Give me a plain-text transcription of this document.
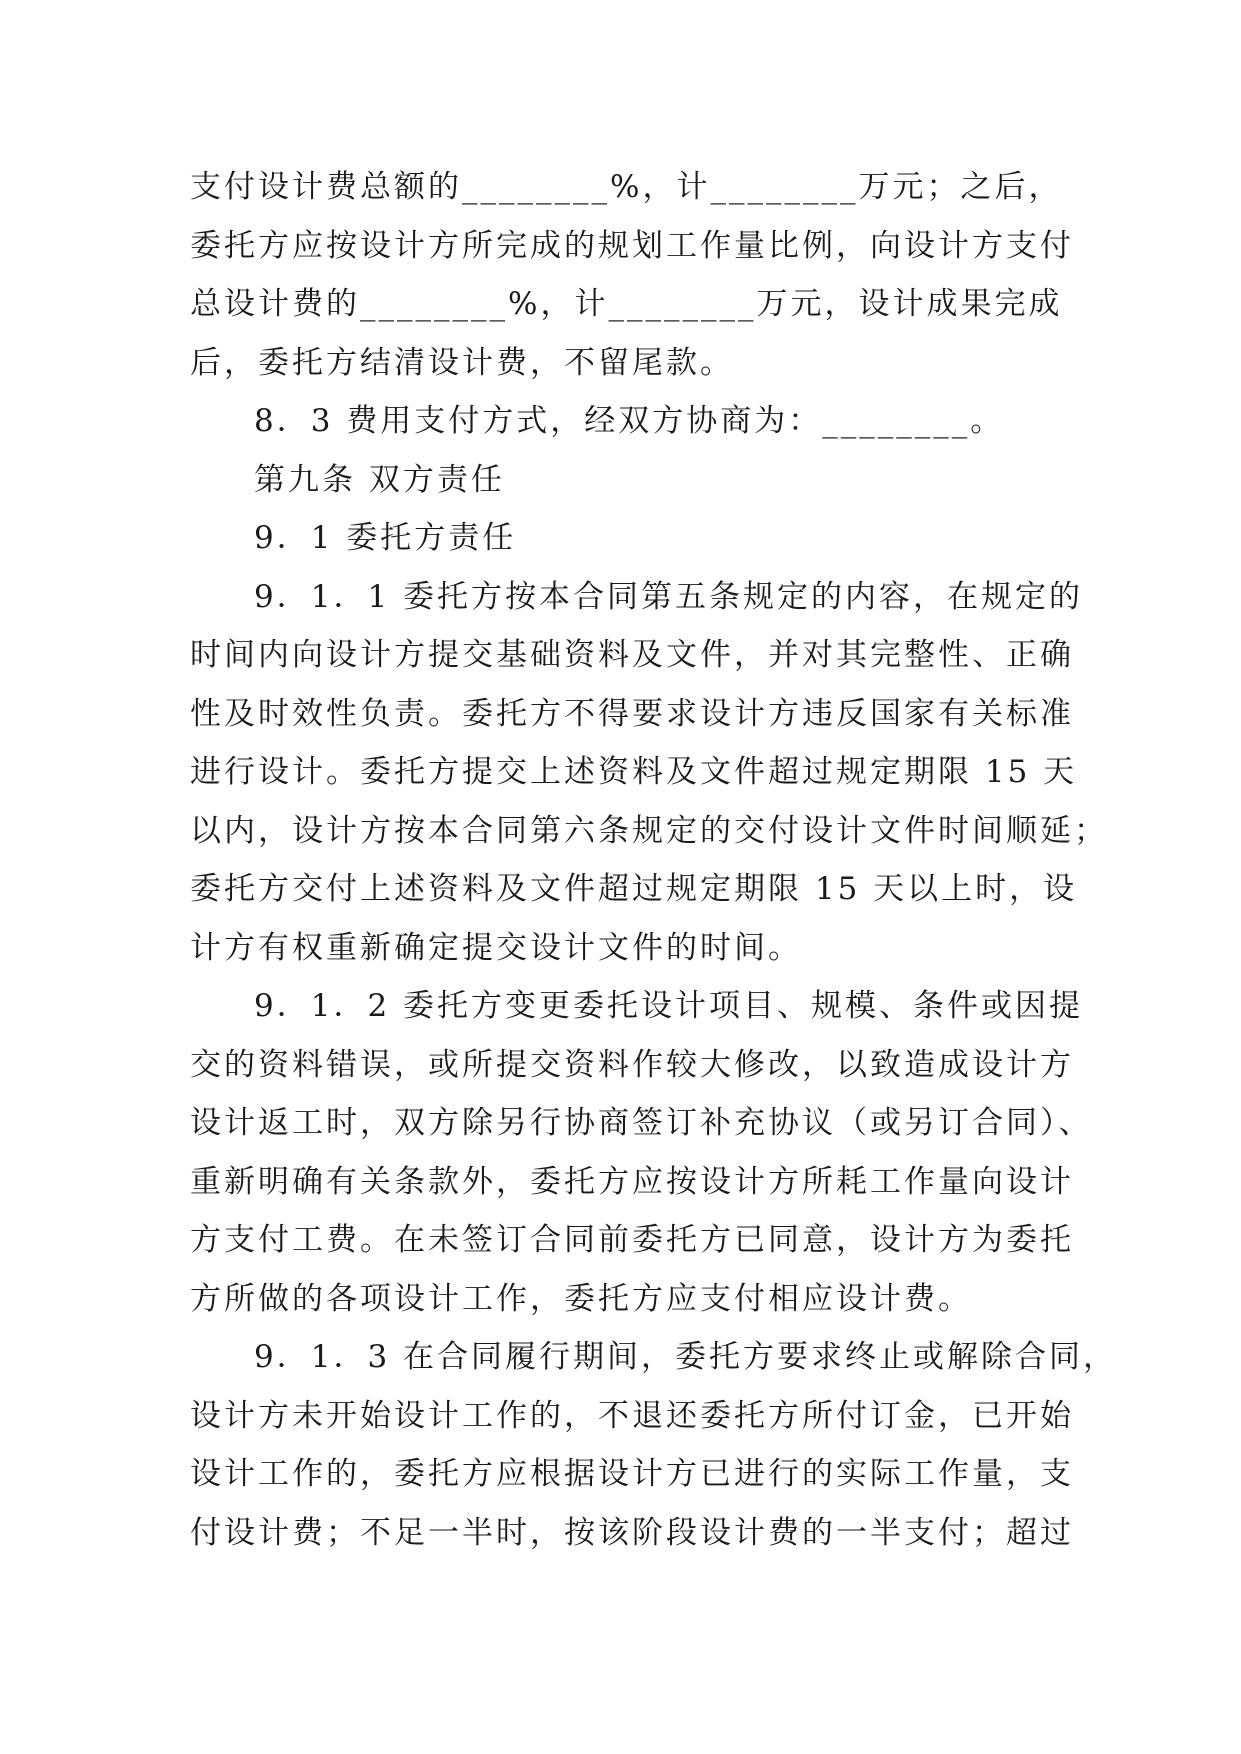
支付设计费总额的________%，计________万元；之后，
委托方应按设计方所完成的规划工作量比例，向设计方支付
总设计费的________%，计________万元，设计成果完成
后，委托方结清设计费，不留尾款。
8．3 费用支付方式，经双方协商为：________。
第九条 双方责任
9．1 委托方责任
9．1．1 委托方按本合同第五条规定的内容，在规定的
时间内向设计方提交基础资料及文件，并对其完整性、正确
性及时效性负责。委托方不得要求设计方违反国家有关标准
进行设计。委托方提交上述资料及文件超过规定期限 15 天
以内，设计方按本合同第六条规定的交付设计文件时间顺延；
委托方交付上述资料及文件超过规定期限 15 天以上时，设
计方有权重新确定提交设计文件的时间。
9．1．2 委托方变更委托设计项目、规模、条件或因提
交的资料错误，或所提交资料作较大修改，以致造成设计方
设计返工时，双方除另行协商签订补充协议（或另订合同）、
重新明确有关条款外，委托方应按设计方所耗工作量向设计
方支付工费。在未签订合同前委托方已同意，设计方为委托
方所做的各项设计工作，委托方应支付相应设计费。
9．1．3 在合同履行期间，委托方要求终止或解除合同，
设计方未开始设计工作的，不退还委托方所付订金，已开始
设计工作的，委托方应根据设计方已进行的实际工作量，支
付设计费；不足一半时，按该阶段设计费的一半支付；超过
